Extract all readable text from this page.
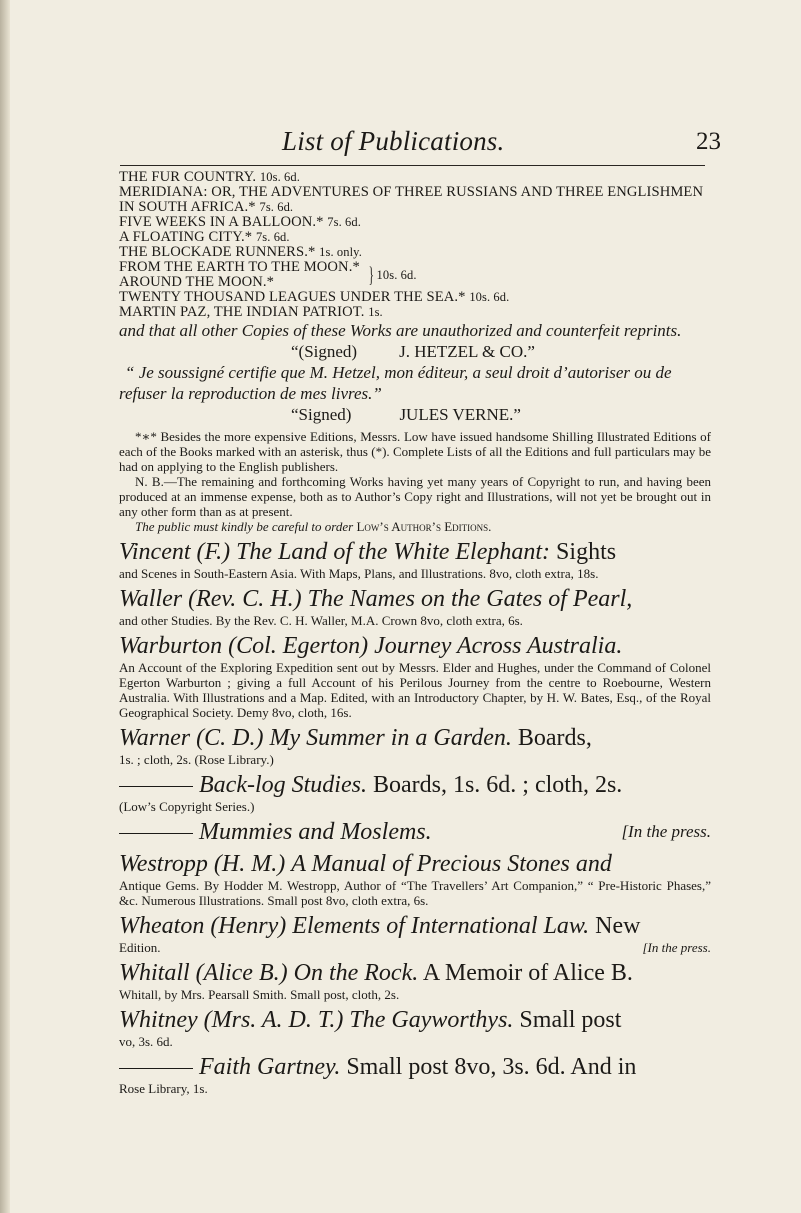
List of Publications.	23
THE FUR COUNTRY. 10s. 6d.
MERIDIANA: OR, THE ADVENTURES OF THREE RUSSIANS AND THREE ENGLISHMEN IN SOUTH AFRICA.* 7s. 6d.
FIVE WEEKS IN A BALLOON.* 7s. 6d.
A FLOATING CITY.* 7s. 6d.
THE BLOCKADE RUNNERS.* 1s. only.
FROM THE EARTH TO THE MOON.*
AROUND THE MOON.*	} 10s. 6d.
TWENTY THOUSAND LEAGUES UNDER THE SEA.* 10s. 6d.
MARTIN PAZ, THE INDIAN PATRIOT. 1s.
and that all other Copies of these Works are unauthorized and counterfeit reprints.
“(Signed) J. HETZEL & CO.”
“ Je soussigné certifie que M. Hetzel, mon éditeur, a seul droit d’autoriser ou de refuser la reproduction de mes livres.”
“Signed)	JULES VERNE.”

*∗* Besides the more expensive Editions, Messrs. Low have issued handsome Shilling Illustrated Editions of each of the Books marked with an asterisk, thus (*). Complete Lists of all the Editions and full particulars may be had on applying to the English publishers.

N. B.—The remaining and forthcoming Works having yet many years of Copyright to run, and having been produced at an immense expense, both as to Author’s Copy right and Illustrations, will not yet be brought out in any other form than as at present.

The public must kindly be careful to order Low’s Author’s Editions.
Vincent (F.) The Land of the White Elephant: Sights
and Scenes in South-Eastern Asia. With Maps, Plans, and Illustrations. 8vo, cloth extra, 18s.
Waller (Rev. C. H.) The Names on the Gates of Pearl,
and other Studies. By the Rev. C. H. Waller, M.A. Crown 8vo, cloth extra, 6s.
Warburton (Col. Egerton) Journey Across Australia.
An Account of the Exploring Expedition sent out by Messrs. Elder and Hughes, under the Command of Colonel Egerton Warburton ; giving a full Account of his Perilous Journey from the centre to Roebourne, Western Australia. With Illustrations and a Map. Edited, with an Introductory Chapter, by H. W. Bates, Esq., of the Royal Geographical Society. Demy 8vo, cloth, 16s.
Warner (C. D.) My Summer in a Garden. Boards,
1s. ; cloth, 2s. (Rose Library.)
Back-log Studies. Boards, 1s. 6d. ; cloth, 2s.
(Low’s Copyright Series.)
Mummies and Moslems.	[In the press.
Westropp (H. M.) A Manual of Precious Stones and
Antique Gems. By Hodder M. Westropp, Author of “The Travellers’ Art Companion,” “ Pre-Historic Phases,” &c. Numerous Illustrations. Small post 8vo, cloth extra, 6s.
Wheaton (Henry) Elements of International Law. New
Edition.	[In the press.
Whitall (Alice B.) On the Rock. A Memoir of Alice B.
Whitall, by Mrs. Pearsall Smith. Small post, cloth, 2s.
Whitney (Mrs. A. D. T.) The Gayworthys. Small post
vo, 3s. 6d.
Faith Gartney. Small post 8vo, 3s. 6d. And in
Rose Library, 1s.
